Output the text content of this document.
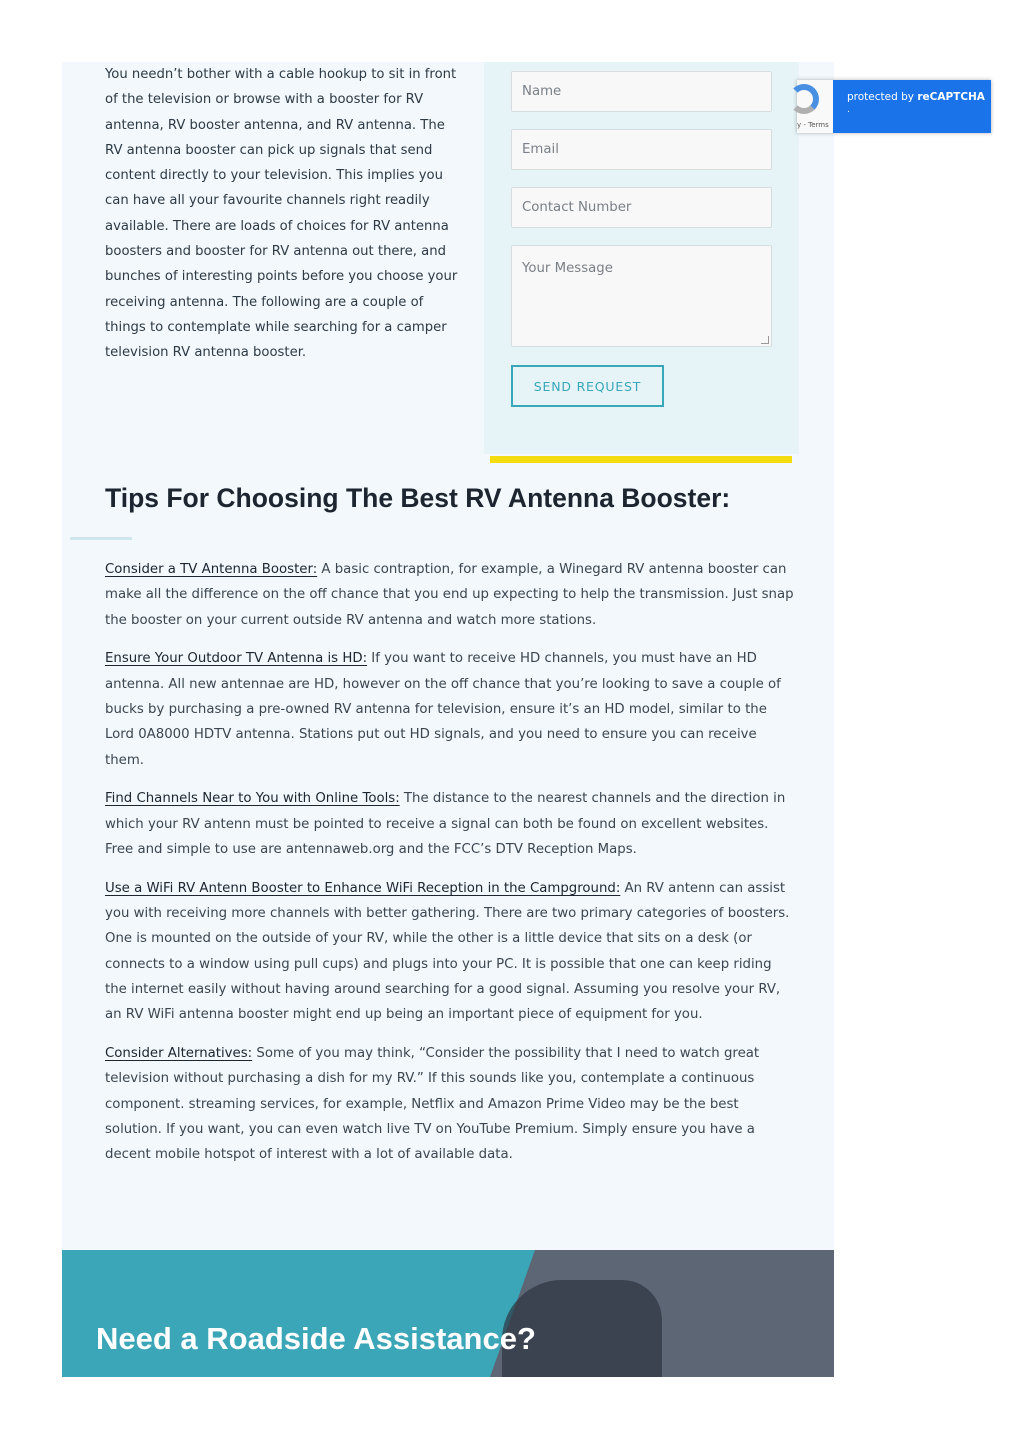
You needn’t bother with a cable hookup to sit in front of the television or browse with a booster for RV antenna, RV booster antenna, and RV antenna. The RV antenna booster can pick up signals that send content directly to your television. This implies you can have all your favourite channels right readily available. There are loads of choices for RV antenna boosters and booster for RV antenna out there, and bunches of interesting points before you choose your receiving antenna. The following are a couple of things to contemplate while searching for a camper television RV antenna booster.
Name
Email
Contact Number
Your Message
SEND REQUEST
y - Terms
protected by reCAPTCHA
.
Tips For Choosing The Best RV Antenna Booster:

Consider a TV Antenna Booster: A basic contraption, for example, a Winegard RV antenna booster can make all the difference on the off chance that you end up expecting to help the transmission. Just snap the booster on your current outside RV antenna and watch more stations.

Ensure Your Outdoor TV Antenna is HD: If you want to receive HD channels, you must have an HD antenna. All new antennae are HD, however on the off chance that you’re looking to save a couple of bucks by purchasing a pre-owned RV antenna for television, ensure it’s an HD model, similar to the Lord 0A8000 HDTV antenna. Stations put out HD signals, and you need to ensure you can receive them.

Find Channels Near to You with Online Tools: The distance to the nearest channels and the direction in which your RV antenn must be pointed to receive a signal can both be found on excellent websites. Free and simple to use are antennaweb.org and the FCC’s DTV Reception Maps.

Use a WiFi RV Antenn Booster to Enhance WiFi Reception in the Campground: An RV antenn can assist you with receiving more channels with better gathering. There are two primary categories of boosters. One is mounted on the outside of your RV, while the other is a little device that sits on a desk (or connects to a window using pull cups) and plugs into your PC. It is possible that one can keep riding the internet easily without having around searching for a good signal. Assuming you resolve your RV, an RV WiFi antenna booster might end up being an important piece of equipment for you.

Consider Alternatives: Some of you may think, “Consider the possibility that I need to watch great television without purchasing a dish for my RV.” If this sounds like you, contemplate a continuous component. streaming services, for example, Netflix and Amazon Prime Video may be the best solution. If you want, you can even watch live TV on YouTube Premium. Simply ensure you have a decent mobile hotspot of interest with a lot of available data.

Need a Roadside Assistance?
